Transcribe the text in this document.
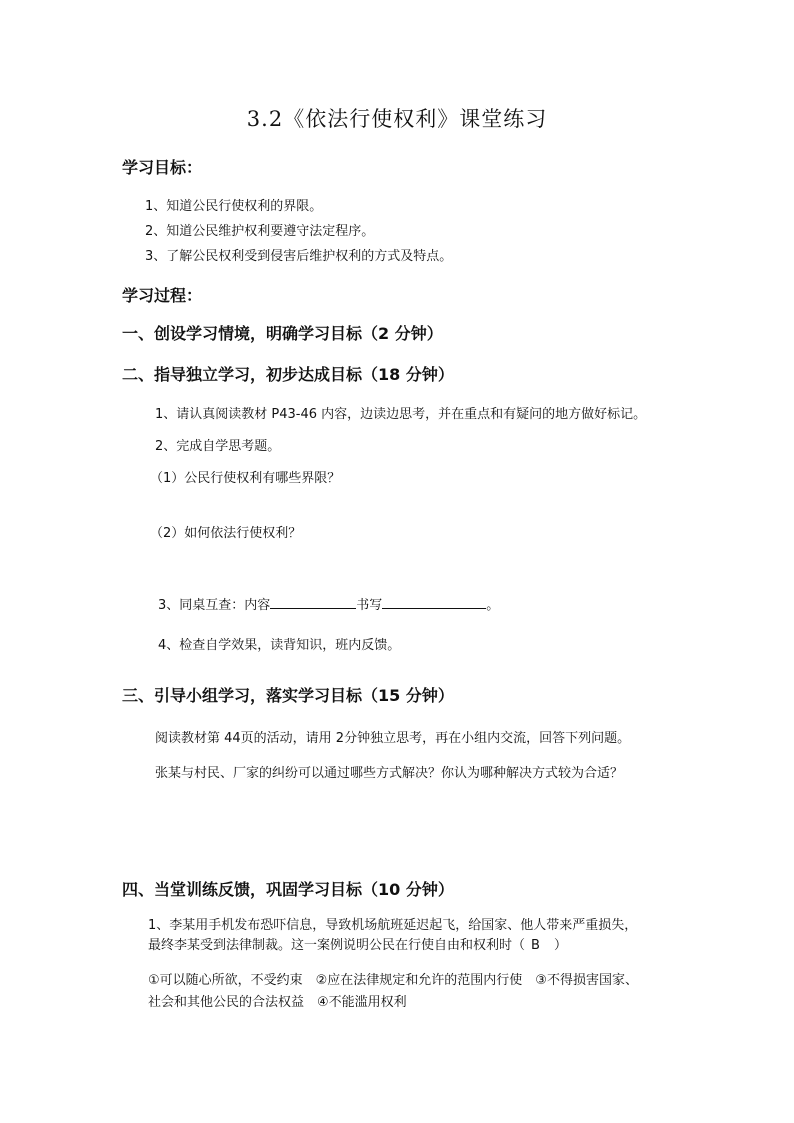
3.2《依法行使权利》课堂练习
学习目标：
1、知道公民行使权利的界限。
2、知道公民维护权利要遵守法定程序。
3、了解公民权利受到侵害后维护权利的方式及特点。
学习过程：
一、创设学习情境，明确学习目标（2 分钟）
二、指导独立学习，初步达成目标（18 分钟）
1、请认真阅读教材 P43-46 内容，边读边思考，并在重点和有疑问的地方做好标记。
2、完成自学思考题。
（1）公民行使权利有哪些界限？
（2）如何依法行使权利？
3、同桌互查：内容	书写	。
4、检查自学效果，读背知识，班内反馈。
三、引导小组学习，落实学习目标（15 分钟）
阅读教材第 44页的活动，请用 2分钟独立思考，再在小组内交流，回答下列问题。
张某与村民、厂家的纠纷可以通过哪些方式解决？你认为哪种解决方式较为合适？
四、当堂训练反馈，巩固学习目标（10 分钟）
1、李某用手机发布恐吓信息，导致机场航班延迟起飞，给国家、他人带来严重损失，
最终李某受到法律制裁。这一案例说明公民在行使自由和权利时（ B ）
①可以随心所欲，不受约束　②应在法律规定和允许的范围内行使　③不得损害国家、
社会和其他公民的合法权益　④不能滥用权利
